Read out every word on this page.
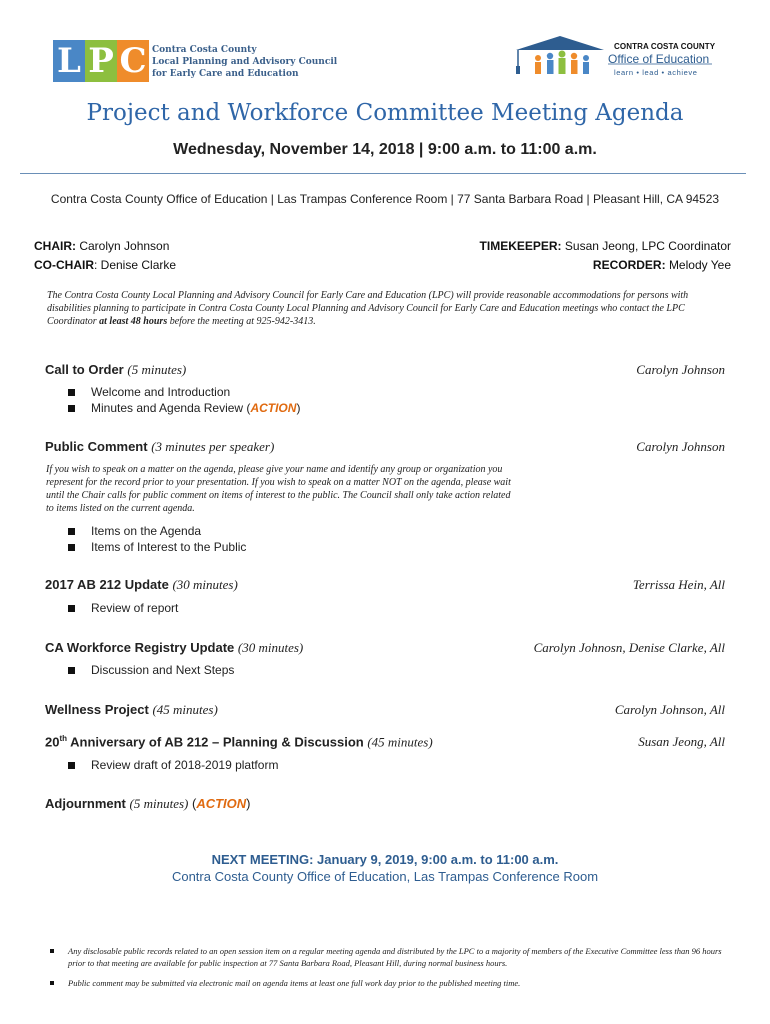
L P C Contra Costa County
Local Planning and Advisory Council
for Early Care and Education
CONTRA COSTA COUNTY
Office of Education
learn • lead • achieve
Project and Workforce Committee Meeting Agenda
Wednesday, November 14, 2018 | 9:00 a.m. to 11:00 a.m.
Contra Costa County Office of Education | Las Trampas Conference Room | 77 Santa Barbara Road | Pleasant Hill, CA 94523
CHAIR: Carolyn Johnson
CO-CHAIR: Denise Clarke
TIMEKEEPER: Susan Jeong, LPC Coordinator
RECORDER: Melody Yee
The Contra Costa County Local Planning and Advisory Council for Early Care and Education (LPC) will provide reasonable accommodations for persons with disabilities planning to participate in Contra Costa County Local Planning and Advisory Council for Early Care and Education meetings who contact the LPC Coordinator at least 48 hours before the meeting at 925-942-3413.
Call to Order (5 minutes)	Carolyn Johnson
Welcome and Introduction
Minutes and Agenda Review (ACTION)
Public Comment (3 minutes per speaker)	Carolyn Johnson
If you wish to speak on a matter on the agenda, please give your name and identify any group or organization you represent for the record prior to your presentation. If you wish to speak on a matter NOT on the agenda, please wait until the Chair calls for public comment on items of interest to the public. The Council shall only take action related to items listed on the current agenda.
Items on the Agenda
Items of Interest to the Public
2017 AB 212 Update (30 minutes)	Terrissa Hein, All
Review of report
CA Workforce Registry Update (30 minutes)	Carolyn Johnosn, Denise Clarke, All
Discussion and Next Steps
Wellness Project (45 minutes)	Carolyn Johnson, All
20th Anniversary of AB 212 – Planning & Discussion (45 minutes)	Susan Jeong, All
Review draft of 2018-2019 platform
Adjournment (5 minutes) (ACTION)
NEXT MEETING: January 9, 2019, 9:00 a.m. to 11:00 a.m.
Contra Costa County Office of Education, Las Trampas Conference Room
Any disclosable public records related to an open session item on a regular meeting agenda and distributed by the LPC to a majority of members of the Executive Committee less than 96 hours prior to that meeting are available for public inspection at 77 Santa Barbara Road, Pleasant Hill, during normal business hours.
Public comment may be submitted via electronic mail on agenda items at least one full work day prior to the published meeting time.
